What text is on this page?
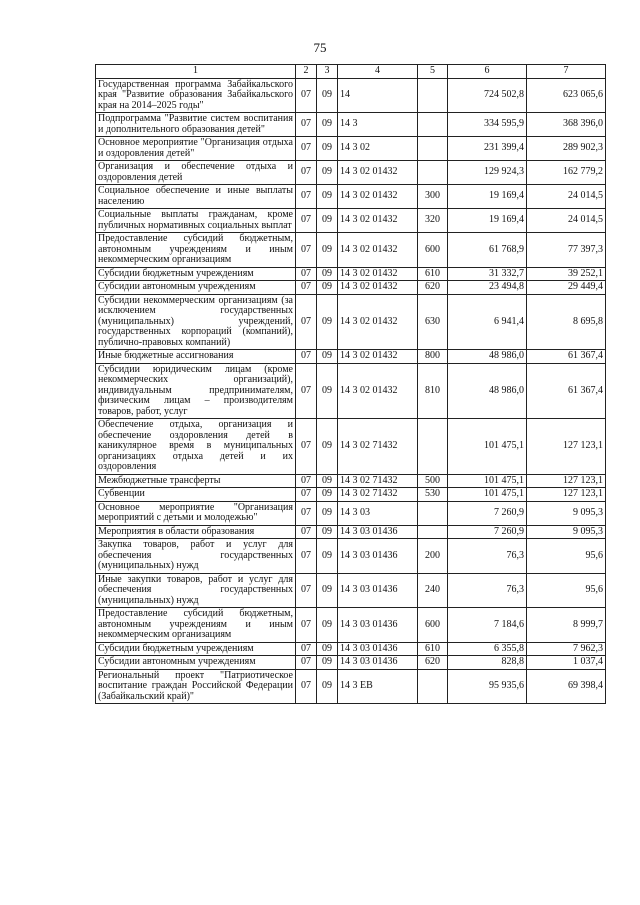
75
1	2	3	4	5	6	7
Государственная программа Забайкальского края "Развитие образования Забайкальского края на 2014–2025 годы"	07	09	14		724 502,8	623 065,6
Подпрограмма "Развитие систем воспитания и дополнительного образования детей"	07	09	14 3		334 595,9	368 396,0
Основное мероприятие "Организация отдыха и оздоровления детей"	07	09	14 3 02		231 399,4	289 902,3
Организация и обеспечение отдыха и оздоровления детей	07	09	14 3 02 01432		129 924,3	162 779,2
Социальное обеспечение и иные выплаты населению	07	09	14 3 02 01432	300	19 169,4	24 014,5
Социальные выплаты гражданам, кроме публичных нормативных социальных выплат	07	09	14 3 02 01432	320	19 169,4	24 014,5
Предоставление субсидий бюджетным, автономным учреждениям и иным некоммерческим организациям	07	09	14 3 02 01432	600	61 768,9	77 397,3
Субсидии бюджетным учреждениям	07	09	14 3 02 01432	610	31 332,7	39 252,1
Субсидии автономным учреждениям	07	09	14 3 02 01432	620	23 494,8	29 449,4
Субсидии некоммерческим организациям (за исключением государственных (муниципальных) учреждений, государственных корпораций (компаний), публично-правовых компаний)	07	09	14 3 02 01432	630	6 941,4	8 695,8
Иные бюджетные ассигнования	07	09	14 3 02 01432	800	48 986,0	61 367,4
Субсидии юридическим лицам (кроме некоммерческих организаций), индивидуальным предпринимателям, физическим лицам – производителям товаров, работ, услуг	07	09	14 3 02 01432	810	48 986,0	61 367,4
Обеспечение отдыха, организация и обеспечение оздоровления детей в каникулярное время в муниципальных организациях отдыха детей и их оздоровления	07	09	14 3 02 71432		101 475,1	127 123,1
Межбюджетные трансферты	07	09	14 3 02 71432	500	101 475,1	127 123,1
Субвенции	07	09	14 3 02 71432	530	101 475,1	127 123,1
Основное мероприятие "Организация мероприятий с детьми и молодежью"	07	09	14 3 03		7 260,9	9 095,3
Мероприятия в области образования	07	09	14 3 03 01436		7 260,9	9 095,3
Закупка товаров, работ и услуг для обеспечения государственных (муниципальных) нужд	07	09	14 3 03 01436	200	76,3	95,6
Иные закупки товаров, работ и услуг для обеспечения государственных (муниципальных) нужд	07	09	14 3 03 01436	240	76,3	95,6
Предоставление субсидий бюджетным, автономным учреждениям и иным некоммерческим организациям	07	09	14 3 03 01436	600	7 184,6	8 999,7
Субсидии бюджетным учреждениям	07	09	14 3 03 01436	610	6 355,8	7 962,3
Субсидии автономным учреждениям	07	09	14 3 03 01436	620	828,8	1 037,4
Региональный проект "Патриотическое воспитание граждан Российской Федерации (Забайкальский край)"	07	09	14 3 EB		95 935,6	69 398,4
